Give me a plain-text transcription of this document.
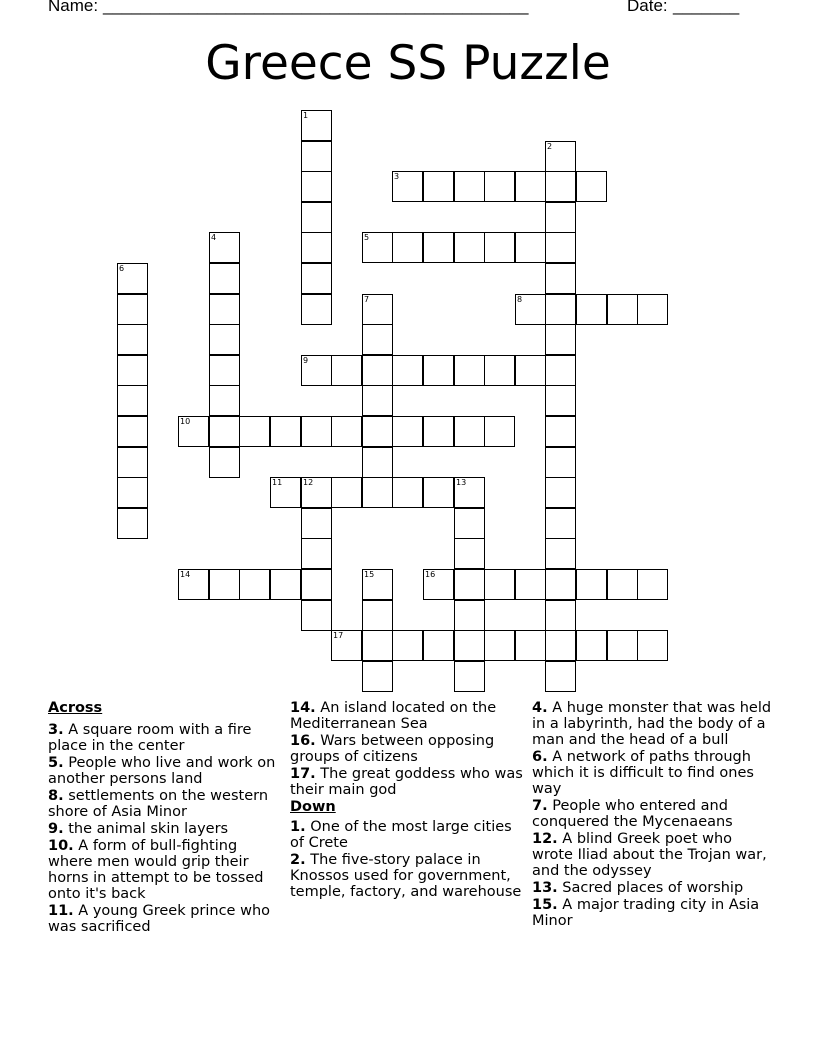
Name: _____________________________________________	Date: _______
Greece SS Puzzle
1
2
3
4	5
6
7	8
9
10
11	12	13
14	15	16
17
Across
3. A square room with a fire place in the center
5. People who live and work on another persons land
8. settlements on the western shore of Asia Minor
9. the animal skin layers
10. A form of bull-fighting where men would grip their horns in attempt to be tossed onto it's back
11. A young Greek prince who was sacrificed
14. An island located on the Mediterranean Sea
16. Wars between opposing groups of citizens
17. The great goddess who was their main god
Down
1. One of the most large cities of Crete
2. The five-story palace in Knossos used for government, temple, factory, and warehouse
4. A huge monster that was held in a labyrinth, had the body of a man and the head of a bull
6. A network of paths through which it is difficult to find ones way
7. People who entered and conquered the Mycenaeans
12. A blind Greek poet who wrote Iliad about the Trojan war, and the odyssey
13. Sacred places of worship
15. A major trading city in Asia Minor
